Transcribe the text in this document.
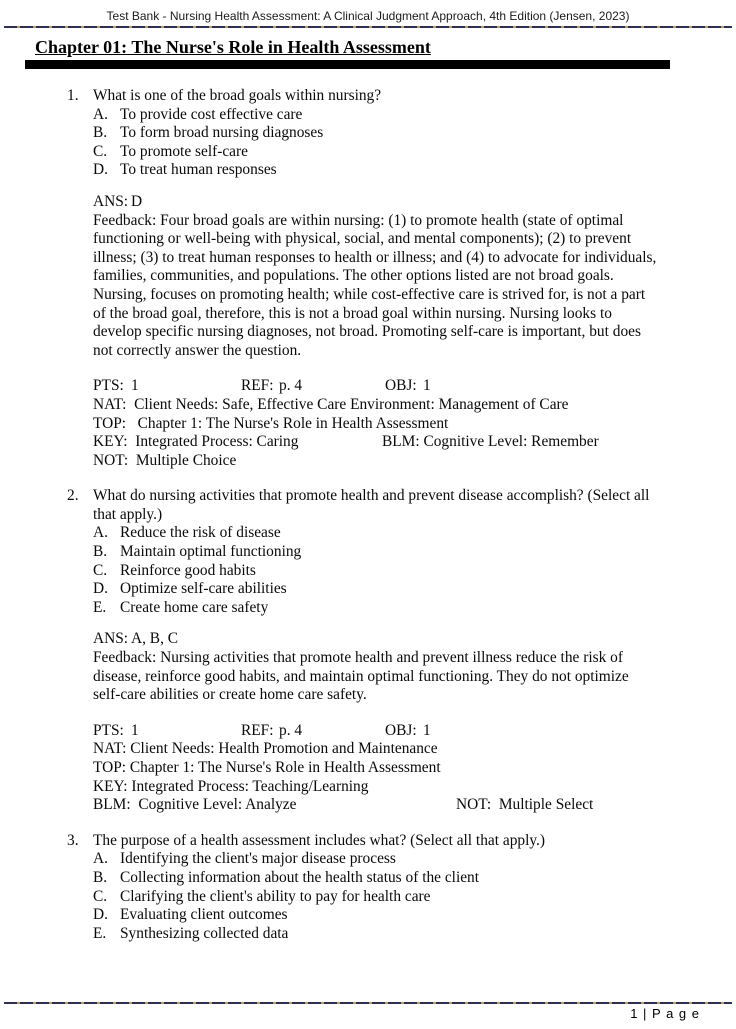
Test Bank - Nursing Health Assessment: A Clinical Judgment Approach, 4th Edition (Jensen, 2023)
Chapter 01: The Nurse's Role in Health Assessment
1. What is one of the broad goals within nursing?
A. To provide cost effective care
B. To form broad nursing diagnoses
C. To promote self-care
D. To treat human responses
ANS: D
Feedback: Four broad goals are within nursing: (1) to promote health (state of optimal functioning or well-being with physical, social, and mental components); (2) to prevent illness; (3) to treat human responses to health or illness; and (4) to advocate for individuals, families, communities, and populations. The other options listed are not broad goals. Nursing, focuses on promoting health; while cost-effective care is strived for, is not a part of the broad goal, therefore, this is not a broad goal within nursing. Nursing looks to develop specific nursing diagnoses, not broad. Promoting self-care is important, but does not correctly answer the question.
PTS: 1	REF: p. 4	OBJ: 1
NAT:  Client Needs: Safe, Effective Care Environment: Management of Care
TOP:   Chapter 1: The Nurse's Role in Health Assessment
KEY:  Integrated Process: Caring	BLM: Cognitive Level: Remember
NOT:  Multiple Choice
2. What do nursing activities that promote health and prevent disease accomplish? (Select all that apply.)
A. Reduce the risk of disease
B. Maintain optimal functioning
C. Reinforce good habits
D. Optimize self-care abilities
E. Create home care safety
ANS: A, B, C
Feedback: Nursing activities that promote health and prevent illness reduce the risk of disease, reinforce good habits, and maintain optimal functioning. They do not optimize self-care abilities or create home care safety.
PTS: 1	REF: p. 4	OBJ: 1
NAT: Client Needs: Health Promotion and Maintenance
TOP: Chapter 1: The Nurse's Role in Health Assessment
KEY: Integrated Process: Teaching/Learning
BLM:  Cognitive Level: Analyze	NOT:  Multiple Select
3. The purpose of a health assessment includes what? (Select all that apply.)
A. Identifying the client's major disease process
B. Collecting information about the health status of the client
C. Clarifying the client's ability to pay for health care
D. Evaluating client outcomes
E. Synthesizing collected data
1 | P a g e
